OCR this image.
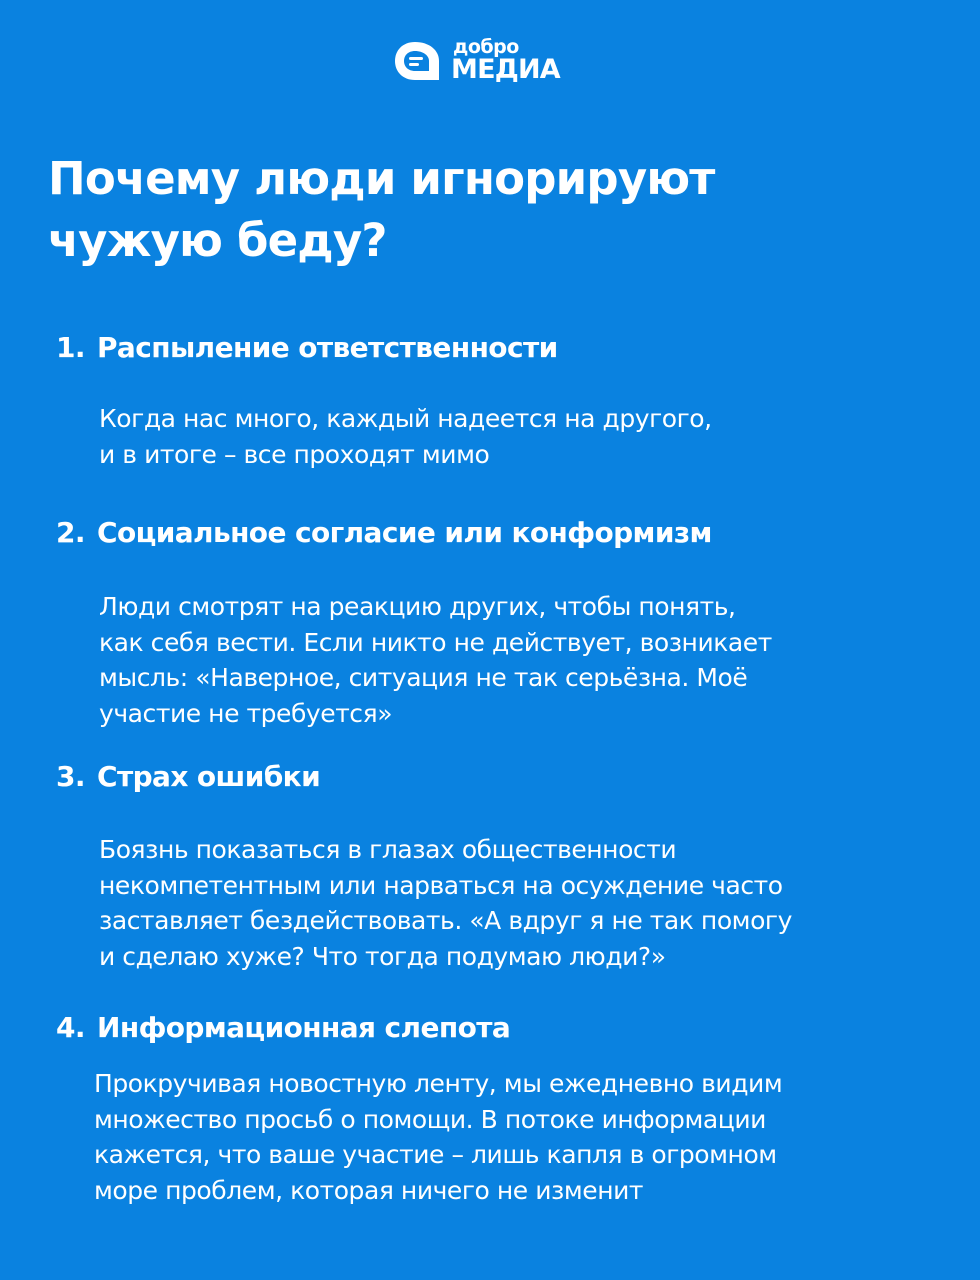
добро
МЕДИА
Почему люди игнорируют
чужую беду?
1. Распыление ответственности

Когда нас много, каждый надеется на другого,
и в итоге – все проходят мимо

2. Социальное согласие или конформизм

Люди смотрят на реакцию других, чтобы понять,
как себя вести. Если никто не действует, возникает
мысль: «Наверное, ситуация не так серьёзна. Моё
участие не требуется»

3. Страх ошибки

Боязнь показаться в глазах общественности
некомпетентным или нарваться на осуждение часто
заставляет бездействовать. «А вдруг я не так помогу
и сделаю хуже? Что тогда подумаю люди?»

4. Информационная слепота

Прокручивая новостную ленту, мы ежедневно видим
множество просьб о помощи. В потоке информации
кажется, что ваше участие – лишь капля в огромном
море проблем, которая ничего не изменит
